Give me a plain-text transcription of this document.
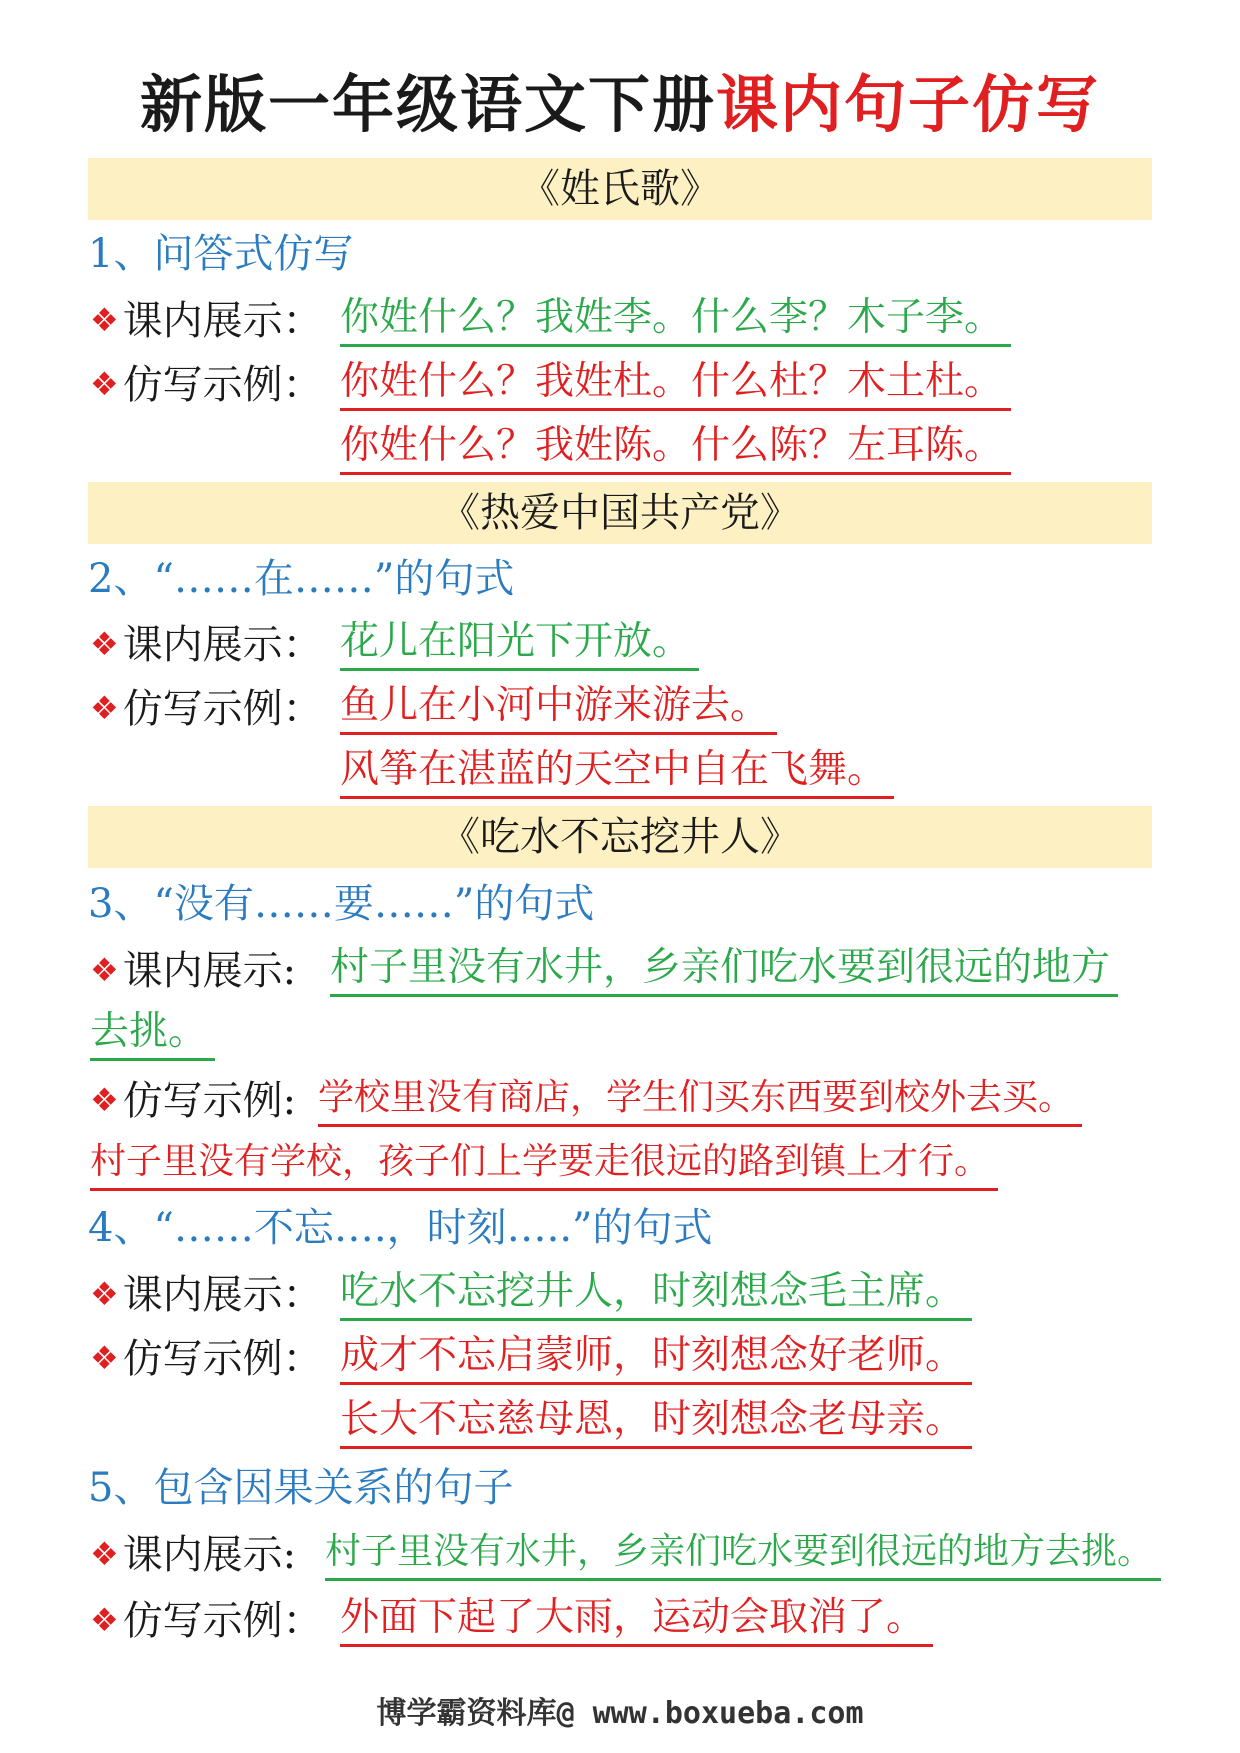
新版一年级语文下册课内句子仿写
《姓氏歌》
1、问答式仿写
❖ 课内展示： 你姓什么？我姓李。什么李？木子李。
❖ 仿写示例： 你姓什么？我姓杜。什么杜？木土杜。
你姓什么？我姓陈。什么陈？左耳陈。
《热爱中国共产党》
2、“……在……”的句式
❖ 课内展示： 花儿在阳光下开放。
❖ 仿写示例： 鱼儿在小河中游来游去。
风筝在湛蓝的天空中自在飞舞。
《吃水不忘挖井人》
3、“没有……要……”的句式
❖ 课内展示: 村子里没有水井，乡亲们吃水要到很远的地方
去挑。
❖ 仿写示例: 学校里没有商店，学生们买东西要到校外去买。
村子里没有学校，孩子们上学要走很远的路到镇上才行。
4、“……不忘….，时刻…..”的句式
❖ 课内展示： 吃水不忘挖井人，时刻想念毛主席。
❖ 仿写示例： 成才不忘启蒙师，时刻想念好老师。
长大不忘慈母恩，时刻想念老母亲。
5、包含因果关系的句子
❖ 课内展示: 村子里没有水井，乡亲们吃水要到很远的地方去挑。
❖ 仿写示例： 外面下起了大雨，运动会取消了。
博学霸资料库@ www.boxueba.com
